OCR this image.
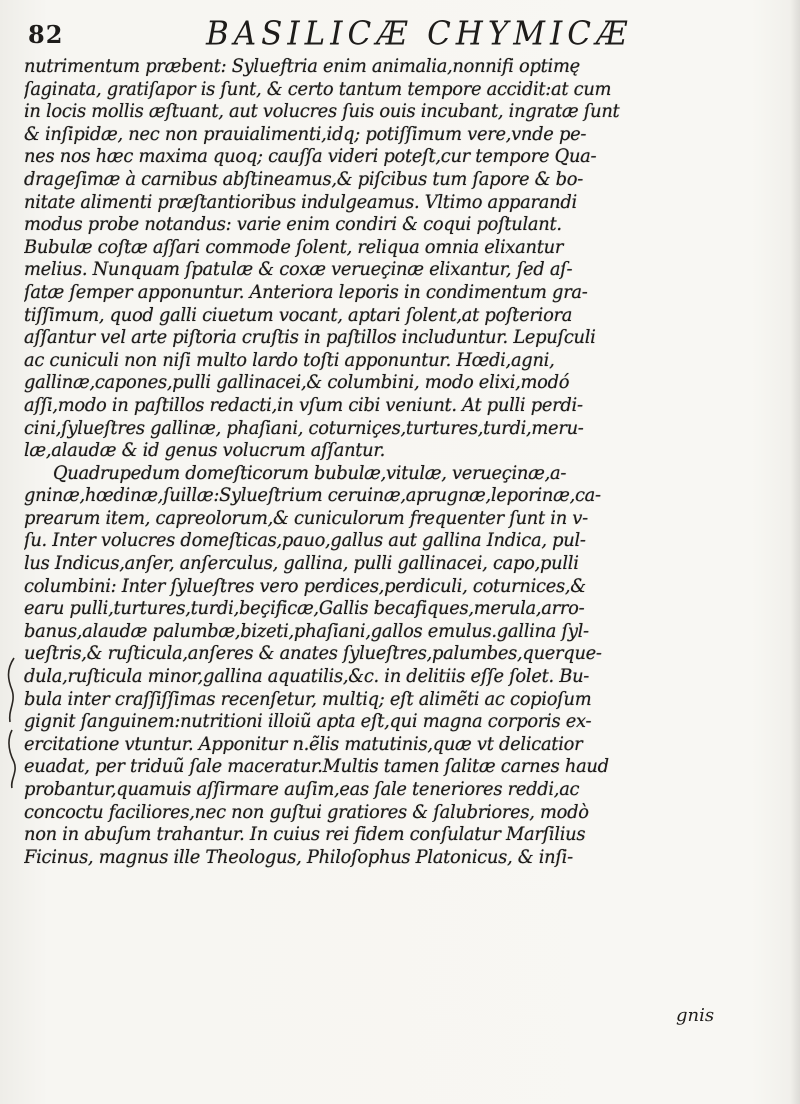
82	BASILICÆ CHYMICÆ
nutrimentum præbent: Sylueftria enim animalia,nonnifi optimę
ſaginata, gratiſapor is ſunt, & certo tantum tempore accidit:at cum
in locis mollis æſtuant, aut volucres ſuis ouis incubant, ingratæ ſunt
& inſipidæ, nec non prauialimenti,idq; potiſſimum vere,vnde pe-
nes nos hæc maxima quoq; cauſſa videri poteſt,cur tempore Qua-
drageſimæ à carnibus abſtineamus,& piſcibus tum ſapore & bo-
nitate alimenti præſtantioribus indulgeamus. Vltimo apparandi
modus probe notandus: varie enim condiri & coqui poſtulant.
Bubulæ coſtæ aſſari commode ſolent, reliqua omnia elixantur
melius. Nunquam ſpatulæ & coxæ verueçinæ elixantur, ſed aſ-
ſatæ ſemper apponuntur. Anteriora leporis in condimentum gra-
tiſſimum, quod galli ciuetum vocant, aptari ſolent,at poſteriora
aſſantur vel arte piſtoria cruſtis in paſtillos includuntur. Lepuſculi
ac cuniculi non niſi multo lardo toſti apponuntur. Hœdi,agni,
gallinæ,capones,pulli gallinacei,& columbini, modo elixi,modó
aſſi,modo in paſtillos redacti,in vſum cibi veniunt. At pulli perdi-
cini,ſylueſtres gallinæ, phaſiani, coturniçes,turtures,turdi,meru-
læ,alaudæ & id genus volucrum aſſantur.
Quadrupedum domeſticorum bubulæ,vitulæ, verueçinæ,a-
gninæ,hœdinæ,ſuillæ:Sylueſtrium ceruinæ,aprugnæ,leporinæ,ca-
prearum item, capreolorum,& cuniculorum frequenter ſunt in v-
ſu. Inter volucres domeſticas,pauo,gallus aut gallina Indica, pul-
lus Indicus,anſer, anſerculus, gallina, pulli gallinacei, capo,pulli
columbini: Inter ſylueſtres vero perdices,perdiculi, coturnices,&
earu pulli,turtures,turdi,beçificæ,Gallis becafiques,merula,arro-
banus,alaudæ palumbæ,bizeti,phaſiani,gallos emulus.gallina ſyl-
ueſtris,& ruſticula,anſeres & anates ſylueſtres,palumbes,querque-
dula,ruſticula minor,gallina aquatilis,&c. in delitiis eſſe ſolet. Bu-
bula inter craſſiſſimas recenſetur, multiq; eſt alimẽti ac copioſum
gignit ſanguinem:nutritioni illoiũ apta eſt,qui magna corporis ex-
ercitatione vtuntur. Apponitur n.ẽlis matutinis,quæ vt delicatior
euadat, per triduũ ſale maceratur.Multis tamen ſalitæ carnes haud
probantur,quamuis aſſirmare auſim,eas ſale teneriores reddi,ac
concoctu faciliores,nec non guſtui gratiores & ſalubriores, modò
non in abuſum trahantur. In cuius rei fidem conſulatur Marſilius
Ficinus, magnus ille Theologus, Philoſophus Platonicus, & inſi-
gnis
